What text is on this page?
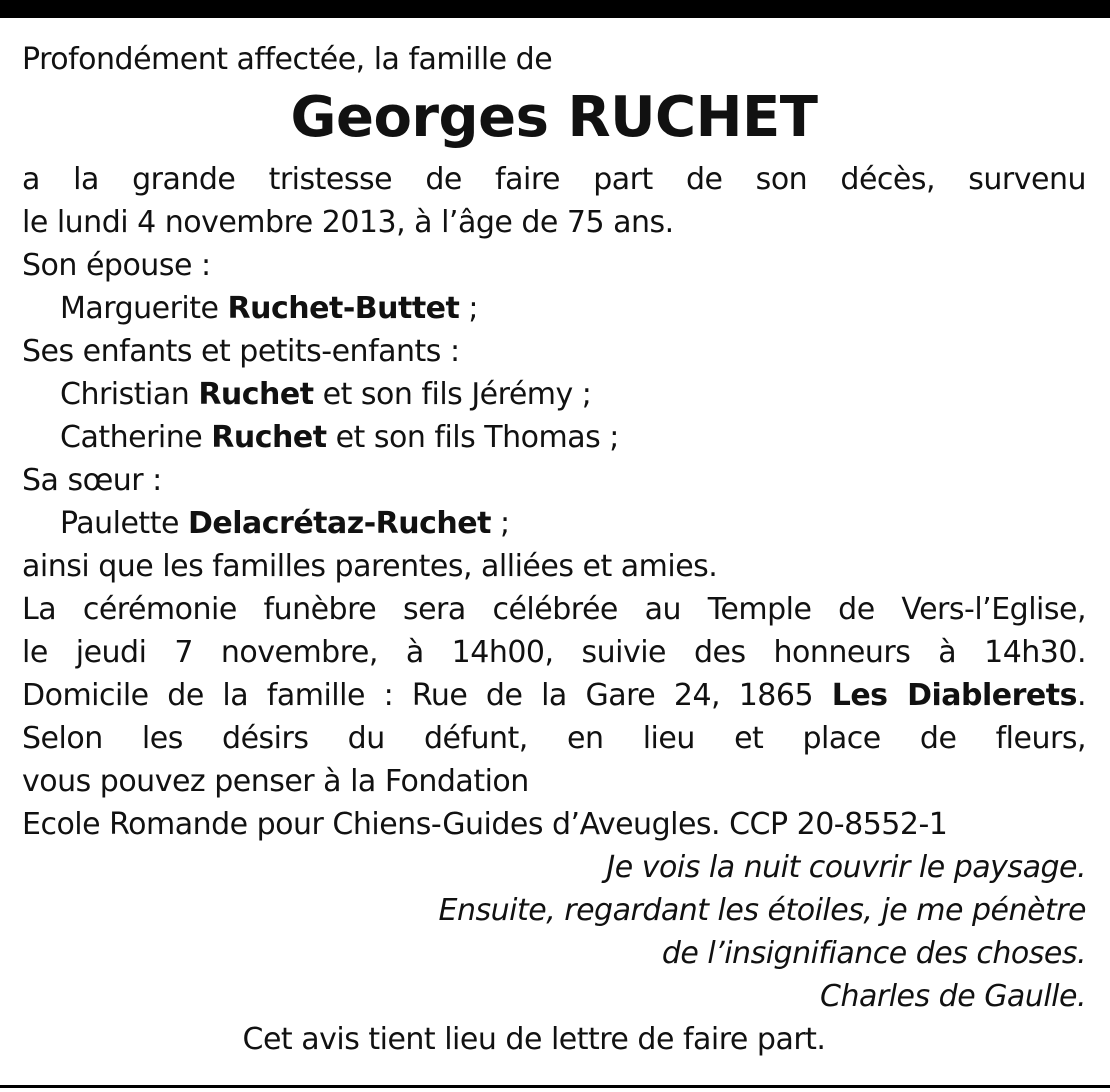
Profondément affectée, la famille de
Georges RUCHET
a la grande tristesse de faire part de son décès, survenu
le lundi 4 novembre 2013, à l’âge de 75 ans.
Son épouse :
Marguerite Ruchet-Buttet ;
Ses enfants et petits-enfants :
Christian Ruchet et son fils Jérémy ;
Catherine Ruchet et son fils Thomas ;
Sa sœur :
Paulette Delacrétaz-Ruchet ;
ainsi que les familles parentes, alliées et amies.
La cérémonie funèbre sera célébrée au Temple de Vers-l’Eglise,
le jeudi 7 novembre, à 14h00, suivie des honneurs à 14h30.
Domicile de la famille : Rue de la Gare 24, 1865 Les Diablerets.
Selon les désirs du défunt, en lieu et place de fleurs,
vous pouvez penser à la Fondation
Ecole Romande pour Chiens-Guides d’Aveugles. CCP 20-8552-1
Je vois la nuit couvrir le paysage.
Ensuite, regardant les étoiles, je me pénètre
de l’insignifiance des choses.
Charles de Gaulle.
Cet avis tient lieu de lettre de faire part.
